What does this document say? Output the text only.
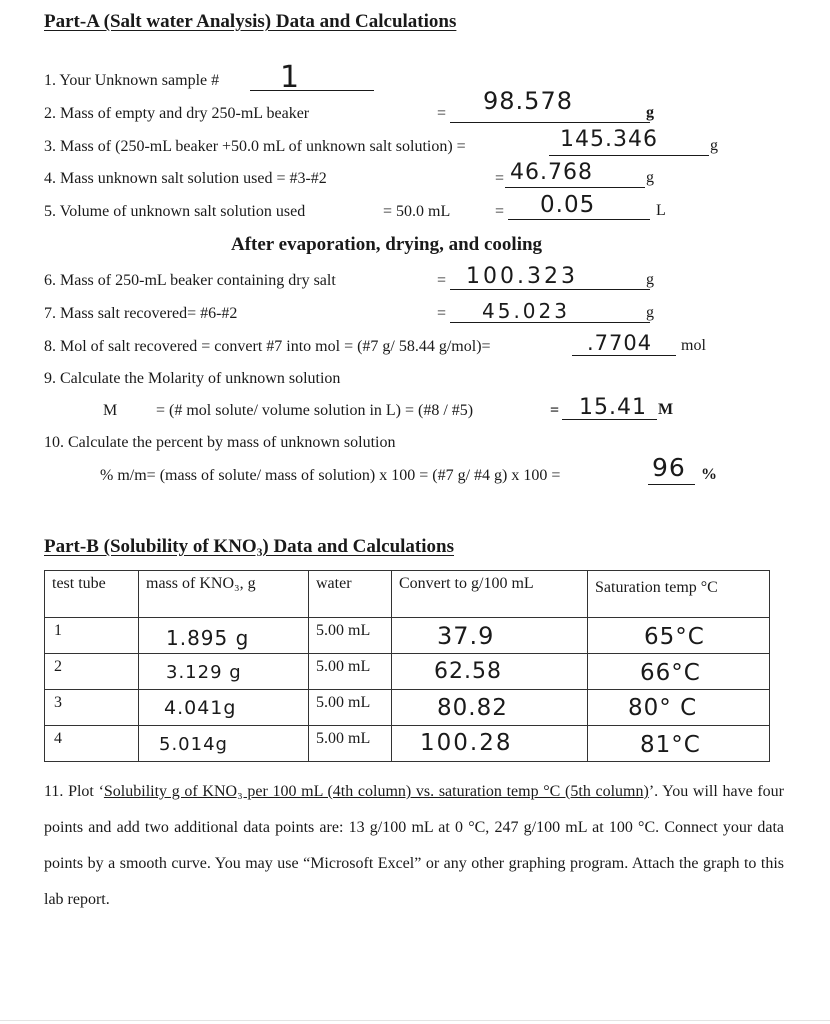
Part-A (Salt water Analysis) Data and Calculations
1. Your Unknown sample # 1
2. Mass of empty and dry 250-mL beaker	= 98.578	g
3. Mass of (250-mL beaker +50.0 mL of unknown salt solution) =	145.346	g
4. Mass unknown salt solution used = #3-#2	= 46.768	g
5. Volume of unknown salt solution used	= 50.0 mL	= 0.05	L
After evaporation, drying, and cooling
6. Mass of 250-mL beaker containing dry salt	= 100.323	g
7. Mass salt recovered= #6-#2	= 45.023	g
8. Mol of salt recovered = convert #7 into mol = (#7 g/ 58.44 g/mol)=	.7704 mol
9. Calculate the Molarity of unknown solution
M = (# mol solute/ volume solution in L) = (#8 / #5)	= 15.41 M
10. Calculate the percent by mass of unknown solution
% m/m= (mass of solute/ mass of solution) x 100 = (#7 g/ #4 g) x 100 =	96 %
Part-B (Solubility of KNO₃) Data and Calculations
test tube	mass of KNO₃, g	water	Convert to g/100 mL	Saturation temp °C
1	1.895 g	5.00 mL	37.9	65°C

2	3.129 g	5.00 mL	62.58	66°C

3	4.041g	5.00 mL	80.82	80° C

4	5.014g	5.00 mL	100.28	81°C
11. Plot ‘Solubility g of KNO₃ per 100 mL (4th column) vs. saturation temp °C (5th column)’. You will have four points and add two additional data points are: 13 g/100 mL at 0 °C, 247 g/100 mL at 100 °C. Connect your data points by a smooth curve. You may use “Microsoft Excel” or any other graphing program. Attach the graph to this lab report.
